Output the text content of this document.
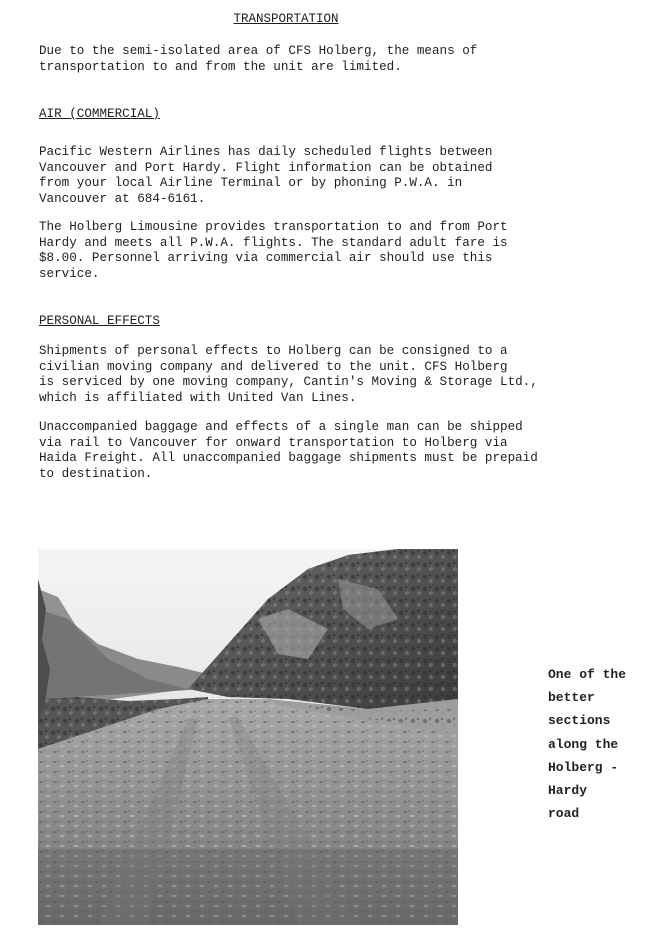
TRANSPORTATION

Due to the semi-isolated area of CFS Holberg, the means of
transportation to and from the unit are limited.

AIR (COMMERCIAL)

Pacific Western Airlines has daily scheduled flights between
Vancouver and Port Hardy. Flight information can be obtained
from your local Airline Terminal or by phoning P.W.A. in
Vancouver at 684-6161.

The Holberg Limousine provides transportation to and from Port
Hardy and meets all P.W.A. flights. The standard adult fare is
$8.00. Personnel arriving via commercial air should use this
service.

PERSONAL EFFECTS

Shipments of personal effects to Holberg can be consigned to a
civilian moving company and delivered to the unit. CFS Holberg
is serviced by one moving company, Cantin's Moving & Storage Ltd.,
which is affiliated with United Van Lines.

Unaccompanied baggage and effects of a single man can be shipped
via rail to Vancouver for onward transportation to Holberg via
Haida Freight. All unaccompanied baggage shipments must be prepaid
to destination.

One of the
better
sections
along the
Holberg -
Hardy
road
